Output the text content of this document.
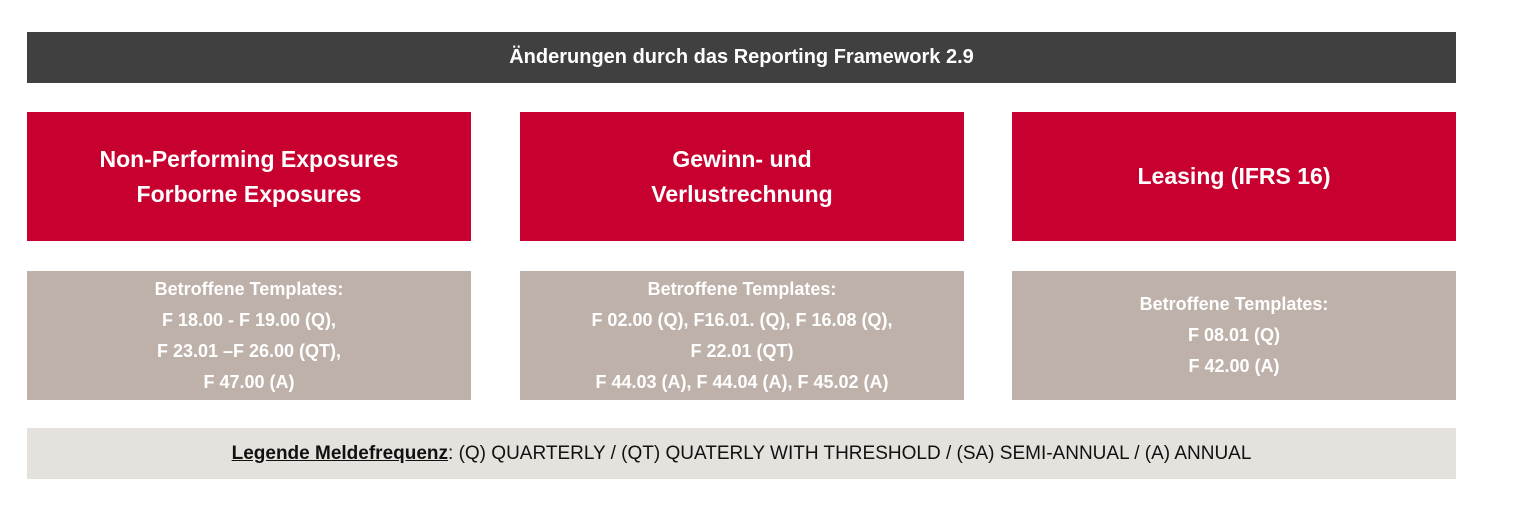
Änderungen durch das Reporting Framework 2.9
Non-Performing Exposures
Forborne Exposures
Gewinn- und
Verlustrechnung
Leasing (IFRS 16)
Betroffene Templates:
F 18.00 - F 19.00 (Q),
F 23.01 –F 26.00 (QT),
F 47.00 (A)
Betroffene Templates:
F 02.00 (Q), F16.01. (Q), F 16.08 (Q),
F 22.01 (QT)
F 44.03 (A), F 44.04 (A), F 45.02 (A)
Betroffene Templates:
F 08.01 (Q)
F 42.00 (A)
Legende Meldefrequenz : (Q) QUARTERLY / (QT) QUATERLY WITH THRESHOLD / (SA) SEMI-ANNUAL / (A) ANNUAL
